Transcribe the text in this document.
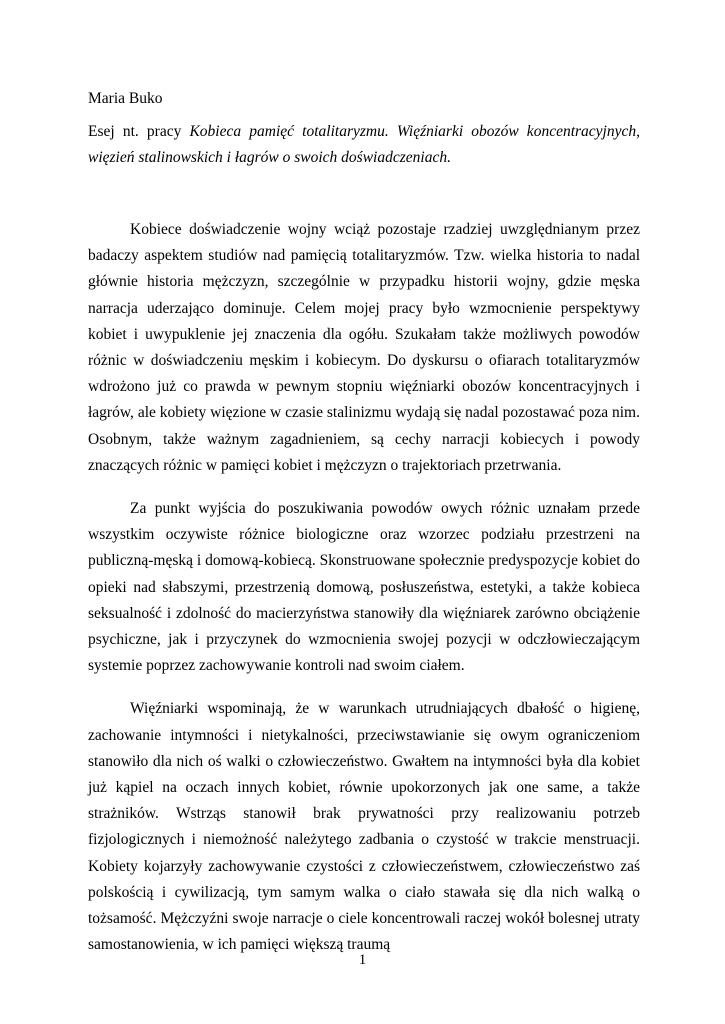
Maria Buko
Esej nt. pracy Kobieca pamięć totalitaryzmu. Więźniarki obozów koncentracyjnych, więzień stalinowskich i łagrów o swoich doświadczeniach.

Kobiece doświadczenie wojny wciąż pozostaje rzadziej uwzględnianym przez badaczy aspektem studiów nad pamięcią totalitaryzmów. Tzw. wielka historia to nadal głównie historia mężczyzn, szczególnie w przypadku historii wojny, gdzie męska narracja uderzająco dominuje. Celem mojej pracy było wzmocnienie perspektywy kobiet i uwypuklenie jej znaczenia dla ogółu. Szukałam także możliwych powodów różnic w doświadczeniu męskim i kobiecym. Do dyskursu o ofiarach totalitaryzmów wdrożono już co prawda w pewnym stopniu więźniarki obozów koncentracyjnych i łagrów, ale kobiety więzione w czasie stalinizmu wydają się nadal pozostawać poza nim. Osobnym, także ważnym zagadnieniem, są cechy narracji kobiecych i powody znaczących różnic w pamięci kobiet i mężczyzn o trajektoriach przetrwania.

Za punkt wyjścia do poszukiwania powodów owych różnic uznałam przede wszystkim oczywiste różnice biologiczne oraz wzorzec podziału przestrzeni na publiczną-męską i domową-kobiecą. Skonstruowane społecznie predyspozycje kobiet do opieki nad słabszymi, przestrzenią domową, posłuszeństwa, estetyki, a także kobieca seksualność i zdolność do macierzyństwa stanowiły dla więźniarek zarówno obciążenie psychiczne, jak i przyczynek do wzmocnienia swojej pozycji w odczłowieczającym systemie poprzez zachowywanie kontroli nad swoim ciałem.

Więźniarki wspominają, że w warunkach utrudniających dbałość o higienę, zachowanie intymności i nietykalności, przeciwstawianie się owym ograniczeniom stanowiło dla nich oś walki o człowieczeństwo. Gwałtem na intymności była dla kobiet już kąpiel na oczach innych kobiet, równie upokorzonych jak one same, a także strażników. Wstrząs stanowił brak prywatności przy realizowaniu potrzeb fizjologicznych i niemożność należytego zadbania o czystość w trakcie menstruacji. Kobiety kojarzyły zachowywanie czystości z człowieczeństwem, człowieczeństwo zaś polskością i cywilizacją, tym samym walka o ciało stawała się dla nich walką o tożsamość. Mężczyźni swoje narracje o ciele koncentrowali raczej wokół bolesnej utraty samostanowienia, w ich pamięci większą traumą

1
